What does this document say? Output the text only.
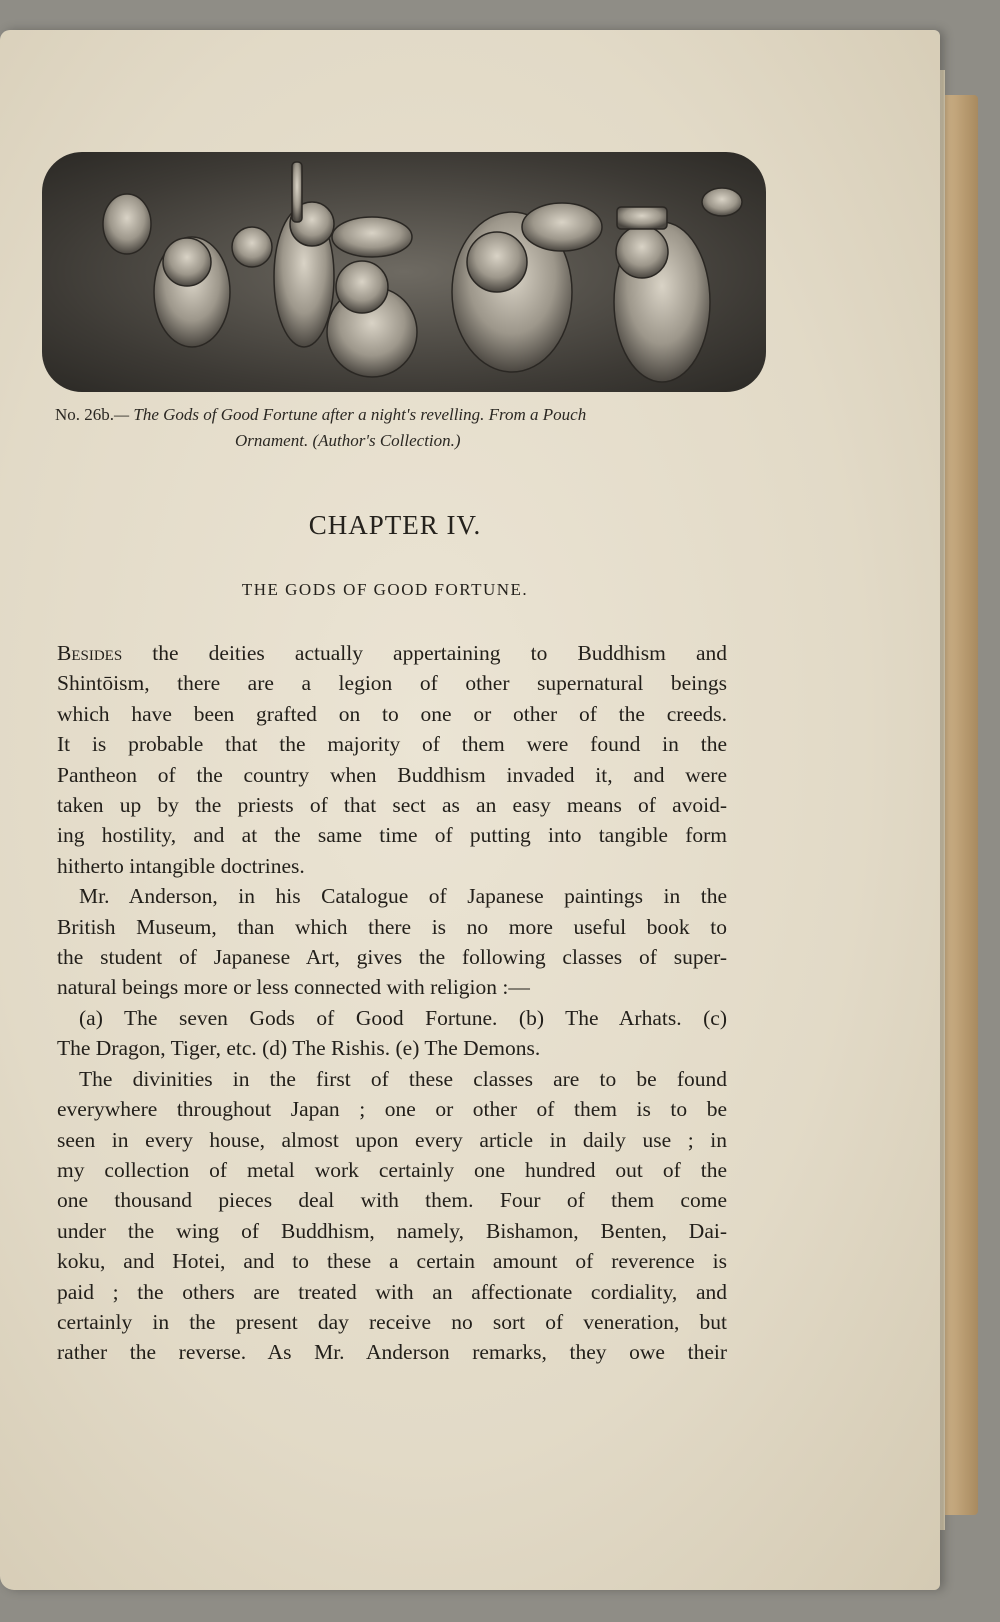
No. 26b.— The Gods of Good Fortune after a night's revelling. From a Pouch
Ornament. (Author's Collection.)
CHAPTER IV.
THE GODS OF GOOD FORTUNE.
Besides the deities actually appertaining to Buddhism and
Shintōism, there are a legion of other supernatural beings
which have been grafted on to one or other of the creeds.
It is probable that the majority of them were found in the
Pantheon of the country when Buddhism invaded it, and were
taken up by the priests of that sect as an easy means of avoid-
ing hostility, and at the same time of putting into tangible form
hitherto intangible doctrines.
Mr. Anderson, in his Catalogue of Japanese paintings in the
British Museum, than which there is no more useful book to
the student of Japanese Art, gives the following classes of super-
natural beings more or less connected with religion :—
(a) The seven Gods of Good Fortune. (b) The Arhats. (c)
The Dragon, Tiger, etc. (d) The Rishis. (e) The Demons.
The divinities in the first of these classes are to be found
everywhere throughout Japan ; one or other of them is to be
seen in every house, almost upon every article in daily use ; in
my collection of metal work certainly one hundred out of the
one thousand pieces deal with them. Four of them come
under the wing of Buddhism, namely, Bishamon, Benten, Dai-
koku, and Hotei, and to these a certain amount of reverence is
paid ; the others are treated with an affectionate cordiality, and
certainly in the present day receive no sort of veneration, but
rather the reverse. As Mr. Anderson remarks, they owe their
